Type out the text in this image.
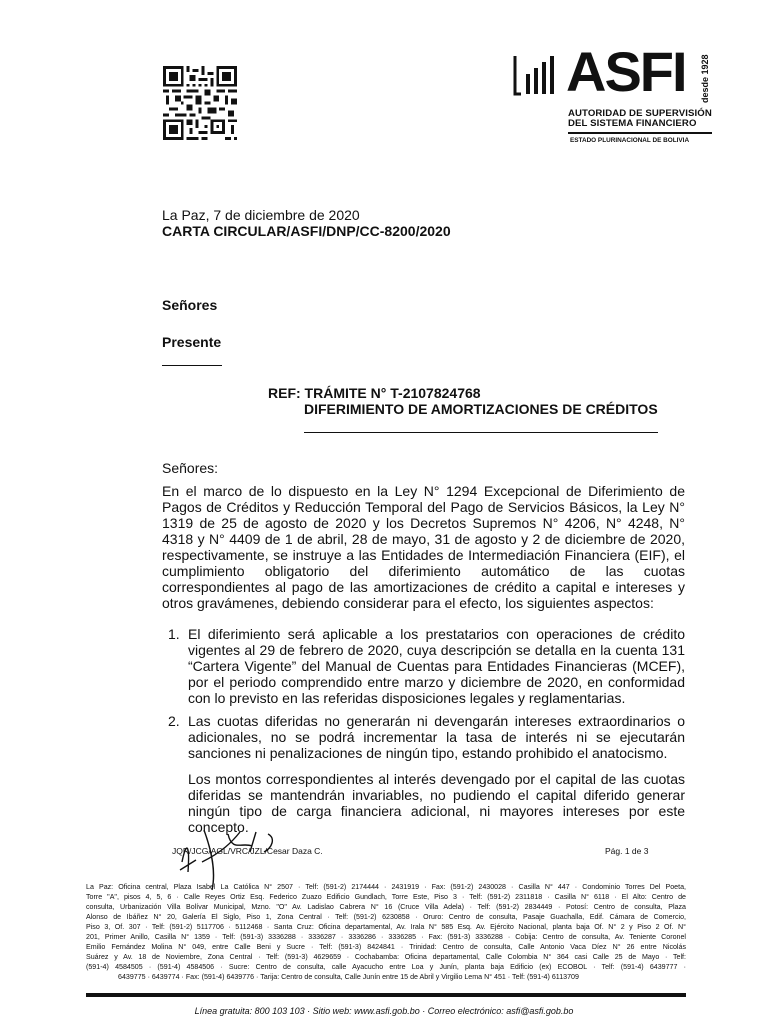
ASFI desde 1928
AUTORIDAD DE SUPERVISIÓN
DEL SISTEMA FINANCIERO
ESTADO PLURINACIONAL DE BOLIVIA
La Paz, 7 de diciembre de 2020
CARTA CIRCULAR/ASFI/DNP/CC-8200/2020
Señores
Presente
REF: TRÁMITE N° T-2107824768
DIFERIMIENTO DE AMORTIZACIONES DE CRÉDITOS
Señores:
En el marco de lo dispuesto en la Ley N° 1294 Excepcional de Diferimiento de
Pagos de Créditos y Reducción Temporal del Pago de Servicios Básicos, la Ley N°
1319 de 25 de agosto de 2020 y los Decretos Supremos N° 4206, N° 4248, N°
4318 y N° 4409 de 1 de abril, 28 de mayo, 31 de agosto y 2 de diciembre de 2020,
respectivamente, se instruye a las Entidades de Intermediación Financiera (EIF), el
cumplimiento obligatorio del diferimiento automático de las cuotas
correspondientes al pago de las amortizaciones de crédito a capital e intereses y
otros gravámenes, debiendo considerar para el efecto, los siguientes aspectos:
1. El diferimiento será aplicable a los prestatarios con operaciones de crédito
vigentes al 29 de febrero de 2020, cuya descripción se detalla en la cuenta 131
“Cartera Vigente” del Manual de Cuentas para Entidades Financieras (MCEF),
por el periodo comprendido entre marzo y diciembre de 2020, en conformidad
con lo previsto en las referidas disposiciones legales y reglamentarias.
2. Las cuotas diferidas no generarán ni devengarán intereses extraordinarios o
adicionales, no se podrá incrementar la tasa de interés ni se ejecutarán
sanciones ni penalizaciones de ningún tipo, estando prohibido el anatocismo.
Los montos correspondientes al interés devengado por el capital de las cuotas
diferidas se mantendrán invariables, no pudiendo el capital diferido generar
ningún tipo de carga financiera adicional, ni mayores intereses por este
concepto.
JQR/JCG/AGL/VRC/JZL/Cesar Daza C.	Pág. 1 de 3
La Paz: Oficina central, Plaza Isabel La Católica N° 2507 · Telf: (591-2) 2174444 · 2431919 · Fax: (591-2) 2430028 · Casilla N° 447 · Condominio Torres Del Poeta,
Torre "A", pisos 4, 5, 6 · Calle Reyes Ortiz Esq. Federico Zuazo Edificio Gundlach, Torre Este, Piso 3 · Telf: (591-2) 2311818 · Casilla N° 6118 · El Alto: Centro de
consulta, Urbanización Villa Bolívar Municipal, Mzno. "O" Av. Ladislao Cabrera N° 16 (Cruce Villa Adela) · Telf: (591-2) 2834449 · Potosí: Centro de consulta, Plaza
Alonso de Ibáñez N° 20, Galería El Siglo, Piso 1, Zona Central · Telf: (591-2) 6230858 · Oruro: Centro de consulta, Pasaje Guachalla, Edif. Cámara de Comercio,
Piso 3, Of. 307 · Telf: (591-2) 5117706 · 5112468 · Santa Cruz: Oficina departamental, Av. Irala N° 585 Esq. Av. Ejército Nacional, planta baja Of. N° 2 y Piso 2 Of. N°
201, Primer Anillo, Casilla N° 1359 · Telf: (591-3) 3336288 · 3336287 · 3336286 · 3336285 · Fax: (591-3) 3336288 · Cobija: Centro de consulta, Av. Teniente Coronel
Emilio Fernández Molina N° 049, entre Calle Beni y Sucre · Telf: (591-3) 8424841 · Trinidad: Centro de consulta, Calle Antonio Vaca Díez N° 26 entre Nicolás
Suárez y Av. 18 de Noviembre, Zona Central · Telf: (591-3) 4629659 · Cochabamba: Oficina departamental, Calle Colombia N° 364 casi Calle 25 de Mayo · Telf:
(591-4) 4584505 · (591-4) 4584506 · Sucre: Centro de consulta, calle Ayacucho entre Loa y Junín, planta baja Edificio (ex) ECOBOL · Telf: (591-4) 6439777 ·
6439775 · 6439774 · Fax: (591-4) 6439776 · Tarija: Centro de consulta, Calle Junín entre 15 de Abril y Virgilio Lema N° 451 · Telf: (591-4) 6113709
Línea gratuita: 800 103 103 · Sitio web: www.asfi.gob.bo · Correo electrónico: asfi@asfi.gob.bo
